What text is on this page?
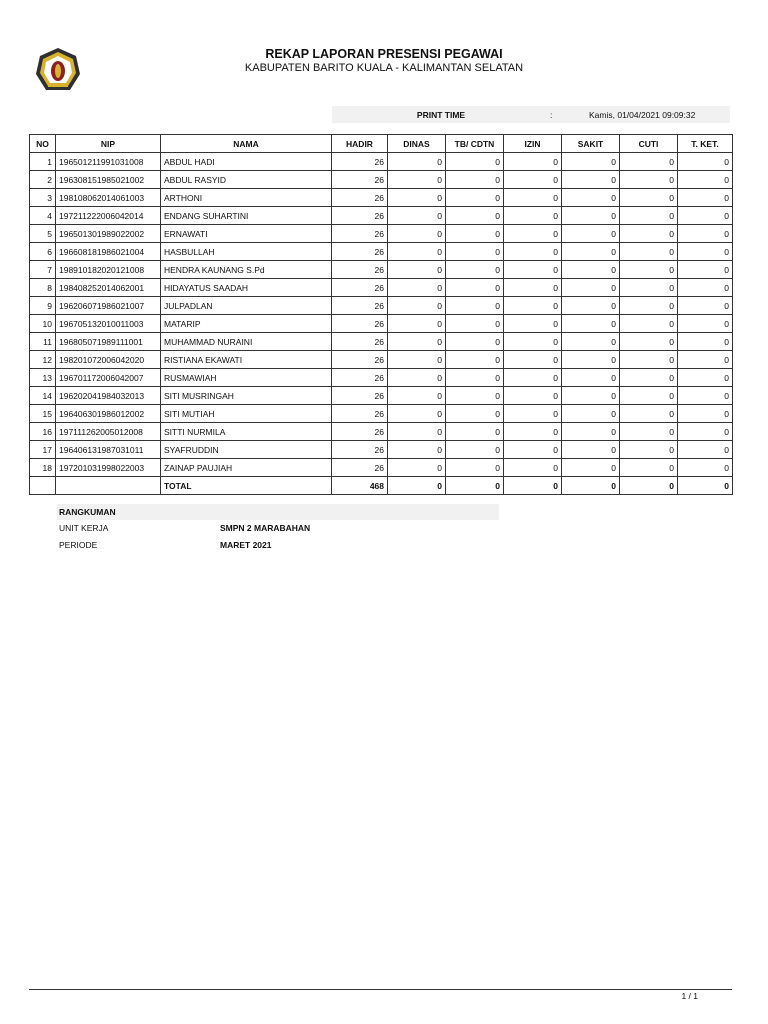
REKAP LAPORAN PRESENSI PEGAWAI
KABUPATEN BARITO KUALA - KALIMANTAN SELATAN
PRINT TIME	:	Kamis, 01/04/2021 09:09:32
NO	NIP	NAMA	HADIR	DINAS	TB/ CDTN	IZIN	SAKIT	CUTI	T. KET.
1	196501211991031008	ABDUL HADI	26	0	0	0	0	0	0
2	196308151985021002	ABDUL RASYID	26	0	0	0	0	0	0
3	198108062014061003	ARTHONI	26	0	0	0	0	0	0
4	197211222006042014	ENDANG SUHARTINI	26	0	0	0	0	0	0
5	196501301989022002	ERNAWATI	26	0	0	0	0	0	0
6	196608181986021004	HASBULLAH	26	0	0	0	0	0	0
7	198910182020121008	HENDRA KAUNANG S.Pd	26	0	0	0	0	0	0
8	198408252014062001	HIDAYATUS SAADAH	26	0	0	0	0	0	0
9	196206071986021007	JULPADLAN	26	0	0	0	0	0	0
10	196705132010011003	MATARIP	26	0	0	0	0	0	0
11	196805071989111001	MUHAMMAD NURAINI	26	0	0	0	0	0	0
12	198201072006042020	RISTIANA EKAWATI	26	0	0	0	0	0	0
13	196701172006042007	RUSMAWIAH	26	0	0	0	0	0	0
14	196202041984032013	SITI MUSRINGAH	26	0	0	0	0	0	0
15	196406301986012002	SITI MUTIAH	26	0	0	0	0	0	0
16	197111262005012008	SITTI NURMILA	26	0	0	0	0	0	0
17	196406131987031011	SYAFRUDDIN	26	0	0	0	0	0	0
18	197201031998022003	ZAINAP PAUJIAH	26	0	0	0	0	0	0
		TOTAL	468	0	0	0	0	0	0
RANGKUMAN
UNIT KERJA	SMPN 2 MARABAHAN
PERIODE	MARET 2021
1 / 1
